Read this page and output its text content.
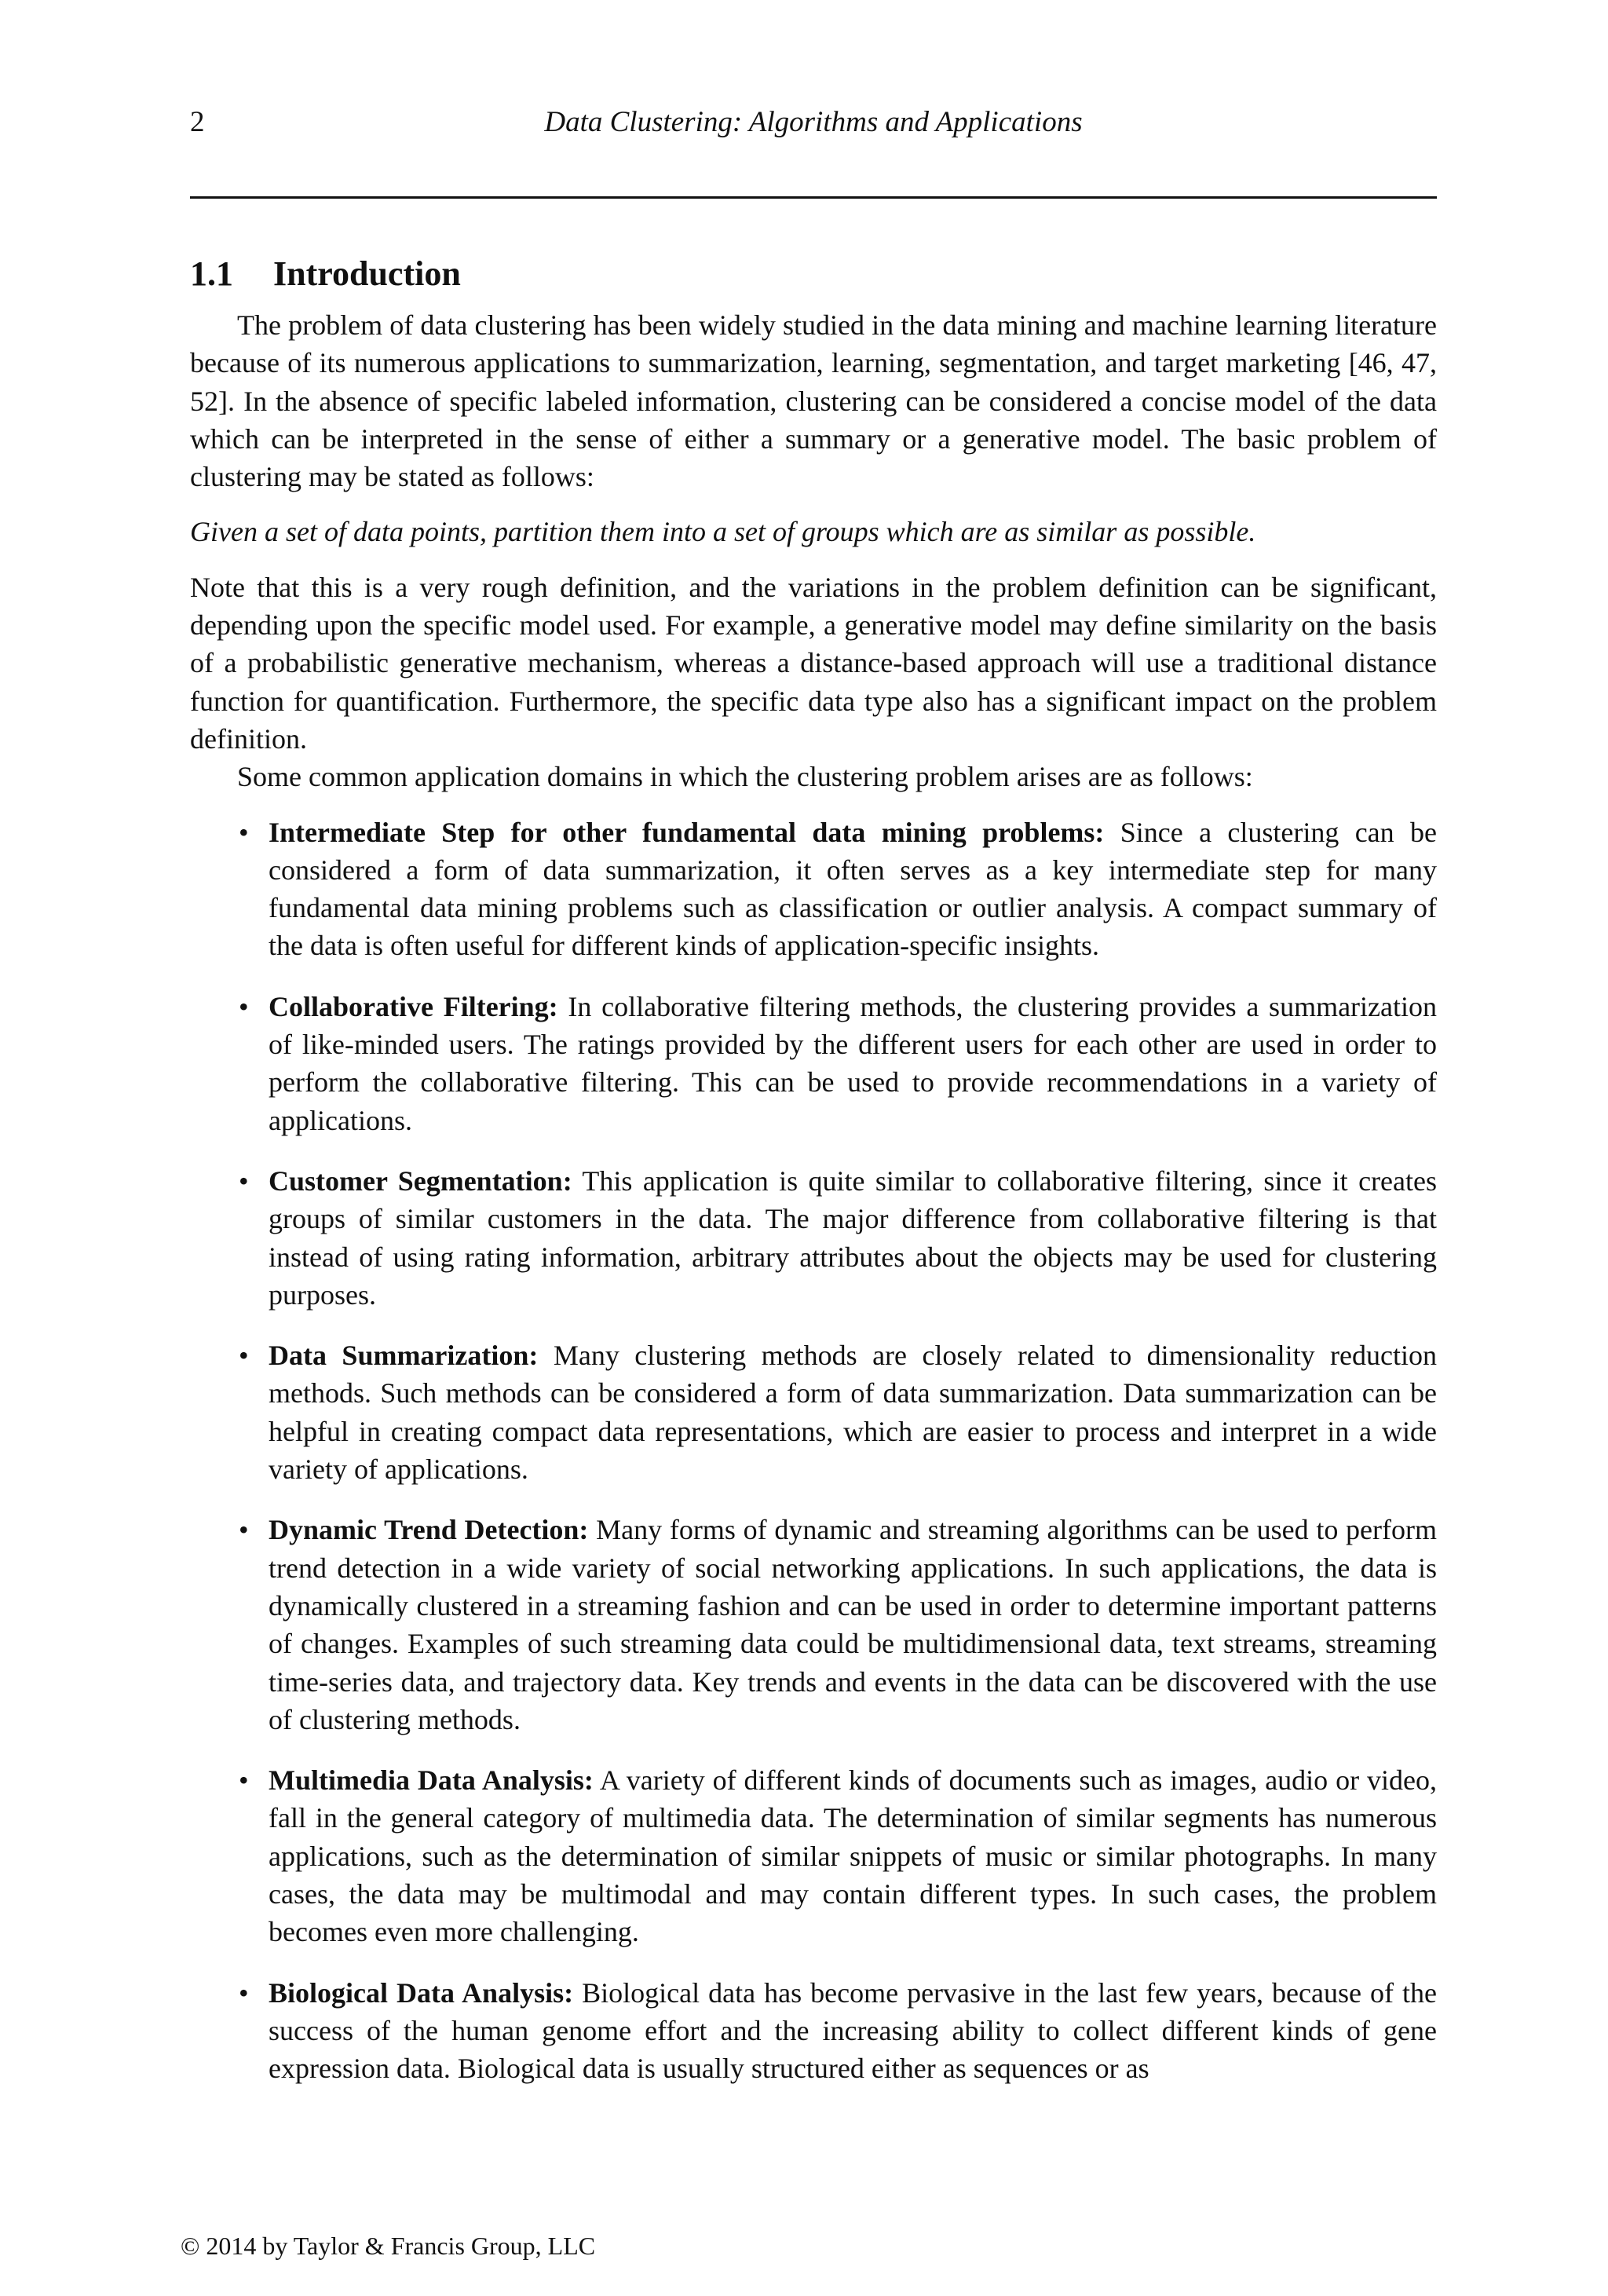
2	Data Clustering: Algorithms and Applications
1.1 Introduction

The problem of data clustering has been widely studied in the data mining and machine learning literature because of its numerous applications to summarization, learning, segmentation, and target marketing [46, 47, 52]. In the absence of specific labeled information, clustering can be considered a concise model of the data which can be interpreted in the sense of either a summary or a generative model. The basic problem of clustering may be stated as follows:

Given a set of data points, partition them into a set of groups which are as similar as possible.

Note that this is a very rough definition, and the variations in the problem definition can be significant, depending upon the specific model used. For example, a generative model may define similarity on the basis of a probabilistic generative mechanism, whereas a distance-based approach will use a traditional distance function for quantification. Furthermore, the specific data type also has a significant impact on the problem definition.

Some common application domains in which the clustering problem arises are as follows:

• Intermediate Step for other fundamental data mining problems: Since a clustering can be considered a form of data summarization, it often serves as a key intermediate step for many fundamental data mining problems such as classification or outlier analysis. A compact summary of the data is often useful for different kinds of application-specific insights.
• Collaborative Filtering: In collaborative filtering methods, the clustering provides a summarization of like-minded users. The ratings provided by the different users for each other are used in order to perform the collaborative filtering. This can be used to provide recommendations in a variety of applications.
• Customer Segmentation: This application is quite similar to collaborative filtering, since it creates groups of similar customers in the data. The major difference from collaborative filtering is that instead of using rating information, arbitrary attributes about the objects may be used for clustering purposes.
• Data Summarization: Many clustering methods are closely related to dimensionality reduction methods. Such methods can be considered a form of data summarization. Data summarization can be helpful in creating compact data representations, which are easier to process and interpret in a wide variety of applications.
• Dynamic Trend Detection: Many forms of dynamic and streaming algorithms can be used to perform trend detection in a wide variety of social networking applications. In such applications, the data is dynamically clustered in a streaming fashion and can be used in order to determine important patterns of changes. Examples of such streaming data could be multidimensional data, text streams, streaming time-series data, and trajectory data. Key trends and events in the data can be discovered with the use of clustering methods.
• Multimedia Data Analysis: A variety of different kinds of documents such as images, audio or video, fall in the general category of multimedia data. The determination of similar segments has numerous applications, such as the determination of similar snippets of music or similar photographs. In many cases, the data may be multimodal and may contain different types. In such cases, the problem becomes even more challenging.
• Biological Data Analysis: Biological data has become pervasive in the last few years, because of the success of the human genome effort and the increasing ability to collect different kinds of gene expression data. Biological data is usually structured either as sequences or as
© 2014 by Taylor & Francis Group, LLC
